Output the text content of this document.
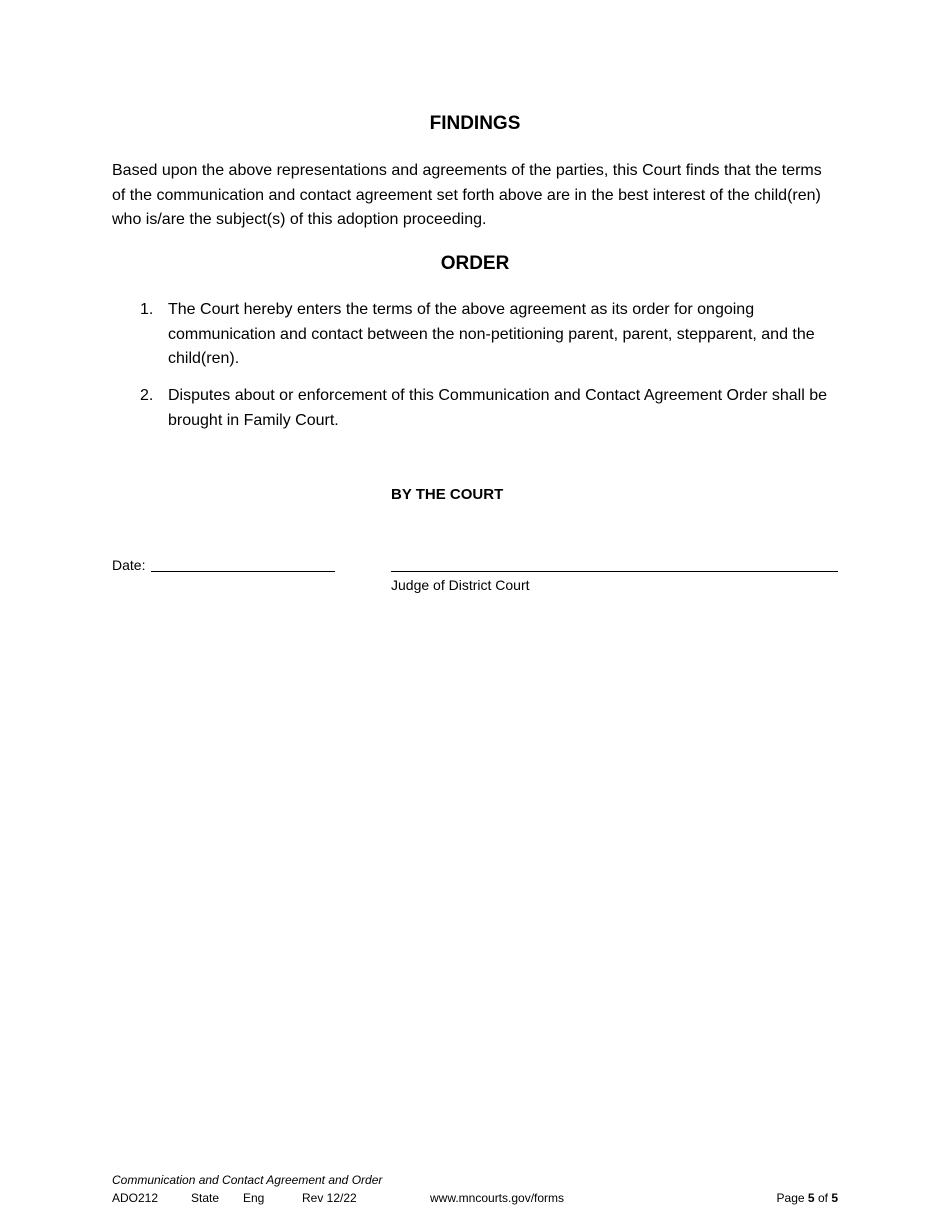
FINDINGS

Based upon the above representations and agreements of the parties, this Court finds that the terms of the communication and contact agreement set forth above are in the best interest of the child(ren) who is/are the subject(s) of this adoption proceeding.

ORDER
1. The Court hereby enters the terms of the above agreement as its order for ongoing communication and contact between the non-petitioning parent, parent, stepparent, and the child(ren).
2. Disputes about or enforcement of this Communication and Contact Agreement Order shall be brought in Family Court.
BY THE COURT
Date:
Judge of District Court
Communication and Contact Agreement and Order
ADO212	State Eng	Rev 12/22	www.mncourts.gov/forms	Page 5 of 5
